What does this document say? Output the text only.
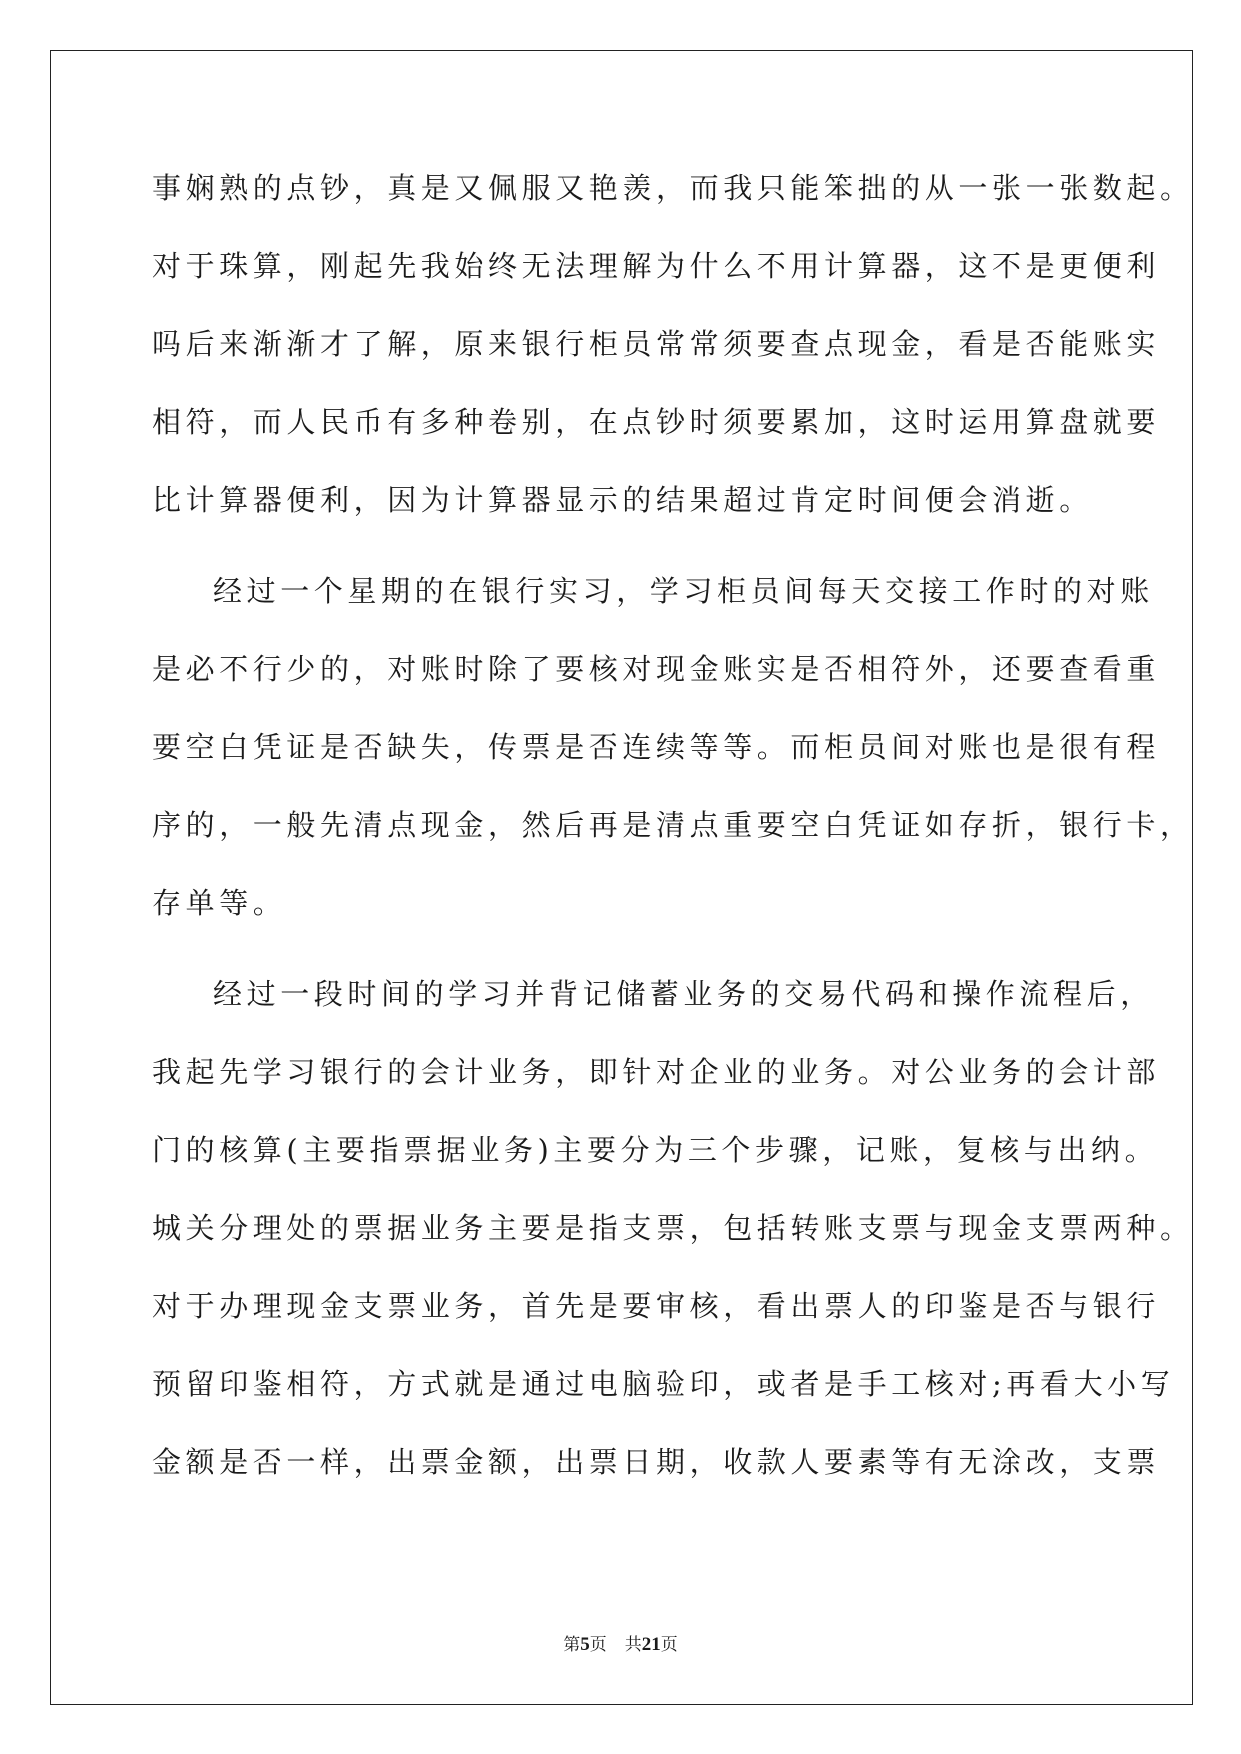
事娴熟的点钞，真是又佩服又艳羡，而我只能笨拙的从一张一张数起。
对于珠算，刚起先我始终无法理解为什么不用计算器，这不是更便利
吗后来渐渐才了解，原来银行柜员常常须要查点现金，看是否能账实
相符，而人民币有多种卷别，在点钞时须要累加，这时运用算盘就要
比计算器便利，因为计算器显示的结果超过肯定时间便会消逝。
经过一个星期的在银行实习，学习柜员间每天交接工作时的对账
是必不行少的，对账时除了要核对现金账实是否相符外，还要查看重
要空白凭证是否缺失，传票是否连续等等。而柜员间对账也是很有程
序的，一般先清点现金，然后再是清点重要空白凭证如存折，银行卡，
存单等。
经过一段时间的学习并背记储蓄业务的交易代码和操作流程后，
我起先学习银行的会计业务，即针对企业的业务。对公业务的会计部
门的核算(主要指票据业务)主要分为三个步骤，记账，复核与出纳。
城关分理处的票据业务主要是指支票，包括转账支票与现金支票两种。
对于办理现金支票业务，首先是要审核，看出票人的印鉴是否与银行
预留印鉴相符，方式就是通过电脑验印，或者是手工核对;再看大小写
金额是否一样，出票金额，出票日期，收款人要素等有无涂改，支票
第5页 共21页
